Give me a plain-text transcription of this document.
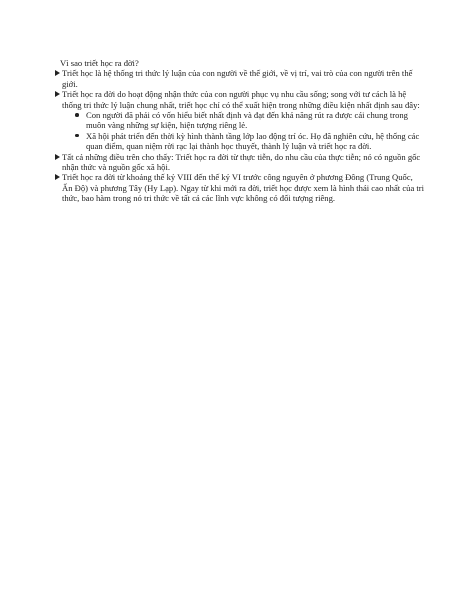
Vì sao triết học ra đời?

Triết học là hệ thống tri thức lý luận của con người về thế giới, về vị trí, vai trò của con người trên thế giới.

Triết học ra đời do hoạt động nhận thức của con người phục vụ nhu cầu sống; song với tư cách là hệ thống tri thức lý luận chung nhất, triết học chỉ có thể xuất hiện trong những điều kiện nhất định sau đây:

Con người đã phải có vốn hiểu biết nhất định và đạt đến khả năng rút ra được cái chung trong muôn vàng những sự kiện, hiện tượng riêng lẻ.

Xã hội phát triển đến thời kỳ hình thành tầng lớp lao động trí óc. Họ đã nghiên cứu, hệ thống các quan điểm, quan niệm rời rạc lại thành học thuyết, thành lý luận và triết học ra đời.

Tất cả những điều trên cho thấy: Triết học ra đời từ thực tiễn, do nhu cầu của thực tiễn; nó có nguồn gốc nhận thức và nguồn gốc xã hội.

Triết học ra đời từ khoảng thế kỷ VIII đến thế kỷ VI trước công nguyên ở phương Đông (Trung Quốc, Ấn Độ) và phương Tây (Hy Lạp). Ngay từ khi mới ra đời, triết học được xem là hình thái cao nhất của tri thức, bao hàm trong nó tri thức về tất cả các lĩnh vực không có đối tượng riêng.
